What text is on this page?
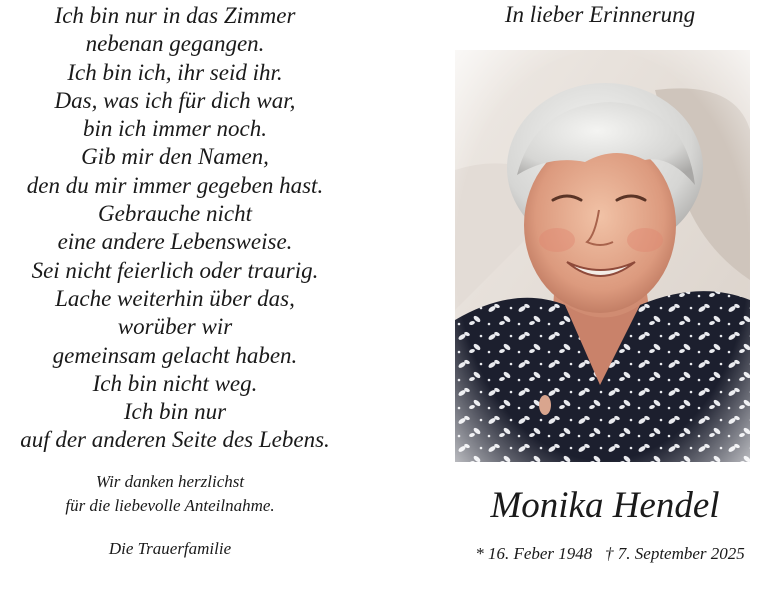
Ich bin nur in das Zimmer
nebenan gegangen.
Ich bin ich, ihr seid ihr.
Das, was ich für dich war,
bin ich immer noch.
Gib mir den Namen,
den du mir immer gegeben hast.
Gebrauche nicht
eine andere Lebensweise.
Sei nicht feierlich oder traurig.
Lache weiterhin über das,
worüber wir
gemeinsam gelacht haben.
Ich bin nicht weg.
Ich bin nur
auf der anderen Seite des Lebens.
Wir danken herzlichst
für die liebevolle Anteilnahme.
Die Trauerfamilie
In lieber Erinnerung
Monika Hendel
* 16. Feber 1948 † 7. September 2025
